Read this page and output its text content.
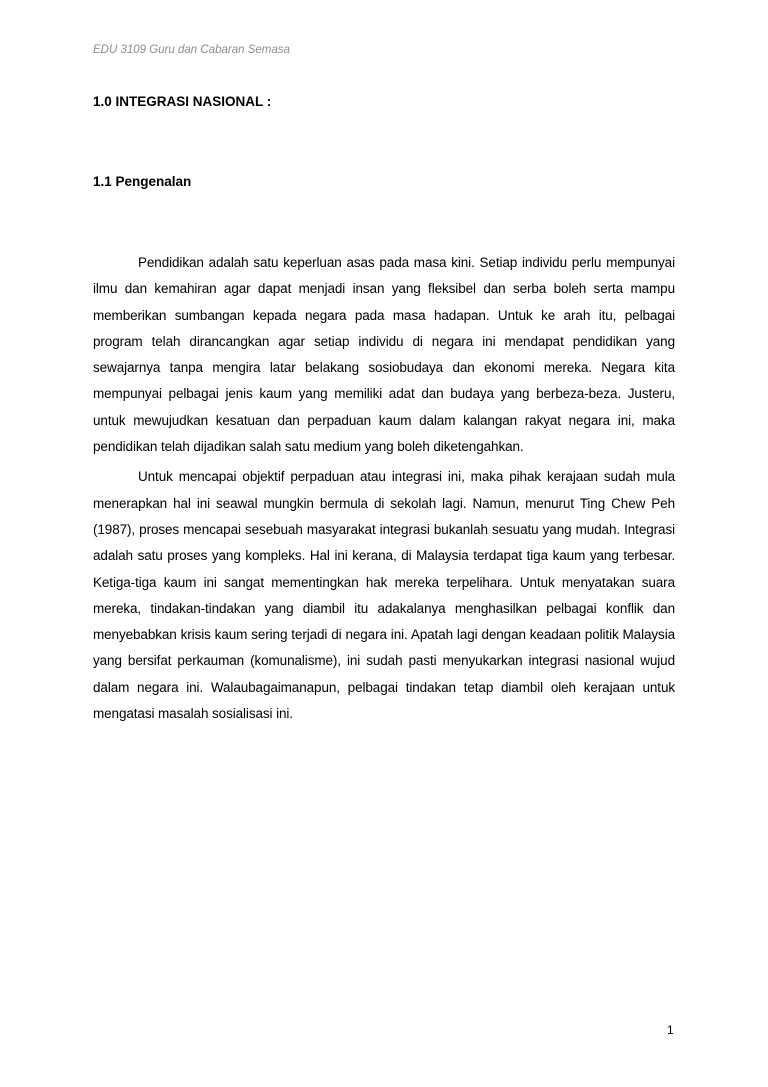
EDU 3109 Guru dan Cabaran Semasa
1.0 INTEGRASI NASIONAL :
1.1 Pengenalan

Pendidikan adalah satu keperluan asas pada masa kini. Setiap individu perlu mempunyai ilmu dan kemahiran agar dapat menjadi insan yang fleksibel dan serba boleh serta mampu memberikan sumbangan kepada negara pada masa hadapan. Untuk ke arah itu, pelbagai program telah dirancangkan agar setiap individu di negara ini mendapat pendidikan yang sewajarnya tanpa mengira latar belakang sosiobudaya dan ekonomi mereka. Negara kita mempunyai pelbagai jenis kaum yang memiliki adat dan budaya yang berbeza-beza. Justeru, untuk mewujudkan kesatuan dan perpaduan kaum dalam kalangan rakyat negara ini, maka pendidikan telah dijadikan salah satu medium yang boleh diketengahkan.

Untuk mencapai objektif perpaduan atau integrasi ini, maka pihak kerajaan sudah mula menerapkan hal ini seawal mungkin bermula di sekolah lagi. Namun, menurut Ting Chew Peh (1987), proses mencapai sesebuah masyarakat integrasi bukanlah sesuatu yang mudah. Integrasi adalah satu proses yang kompleks. Hal ini kerana, di Malaysia terdapat tiga kaum yang terbesar. Ketiga-tiga kaum ini sangat mementingkan hak mereka terpelihara. Untuk menyatakan suara mereka, tindakan-tindakan yang diambil itu adakalanya menghasilkan pelbagai konflik dan menyebabkan krisis kaum sering terjadi di negara ini. Apatah lagi dengan keadaan politik Malaysia yang bersifat perkauman (komunalisme), ini sudah pasti menyukarkan integrasi nasional wujud dalam negara ini. Walaubagaimanapun, pelbagai tindakan tetap diambil oleh kerajaan untuk mengatasi masalah sosialisasi ini.

1
